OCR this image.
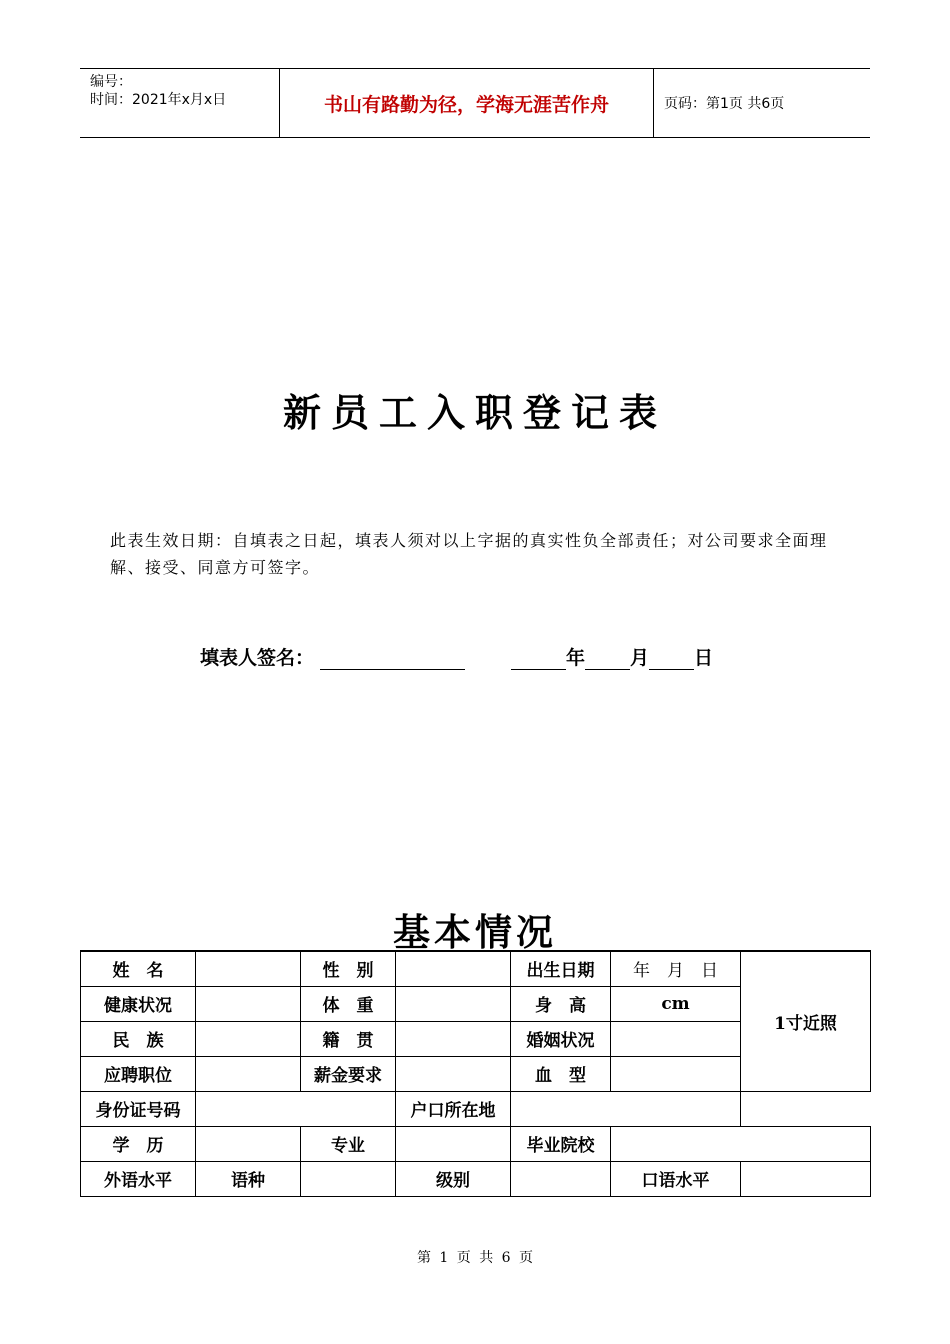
编号：
时间：2021年x月x日	书山有路勤为径，学海无涯苦作舟	页码：第1页 共6页
新员工入职登记表
此表生效日期：自填表之日起，填表人须对以上字据的真实性负全部责任；对公司要求全面理解、接受、同意方可签字。
填表人签名：	年 月 日
基本情况
姓　名		性　别		出生日期	年　月　日	1寸近照
健康状况		体　重		身　高	cm	
民　族		籍　贯		婚姻状况		
应聘职位		薪金要求		血　型		
身份证号码			户口所在地			
学　历		专业		毕业院校		
外语水平	语种		级别		口语水平	
第 1 页 共 6 页
